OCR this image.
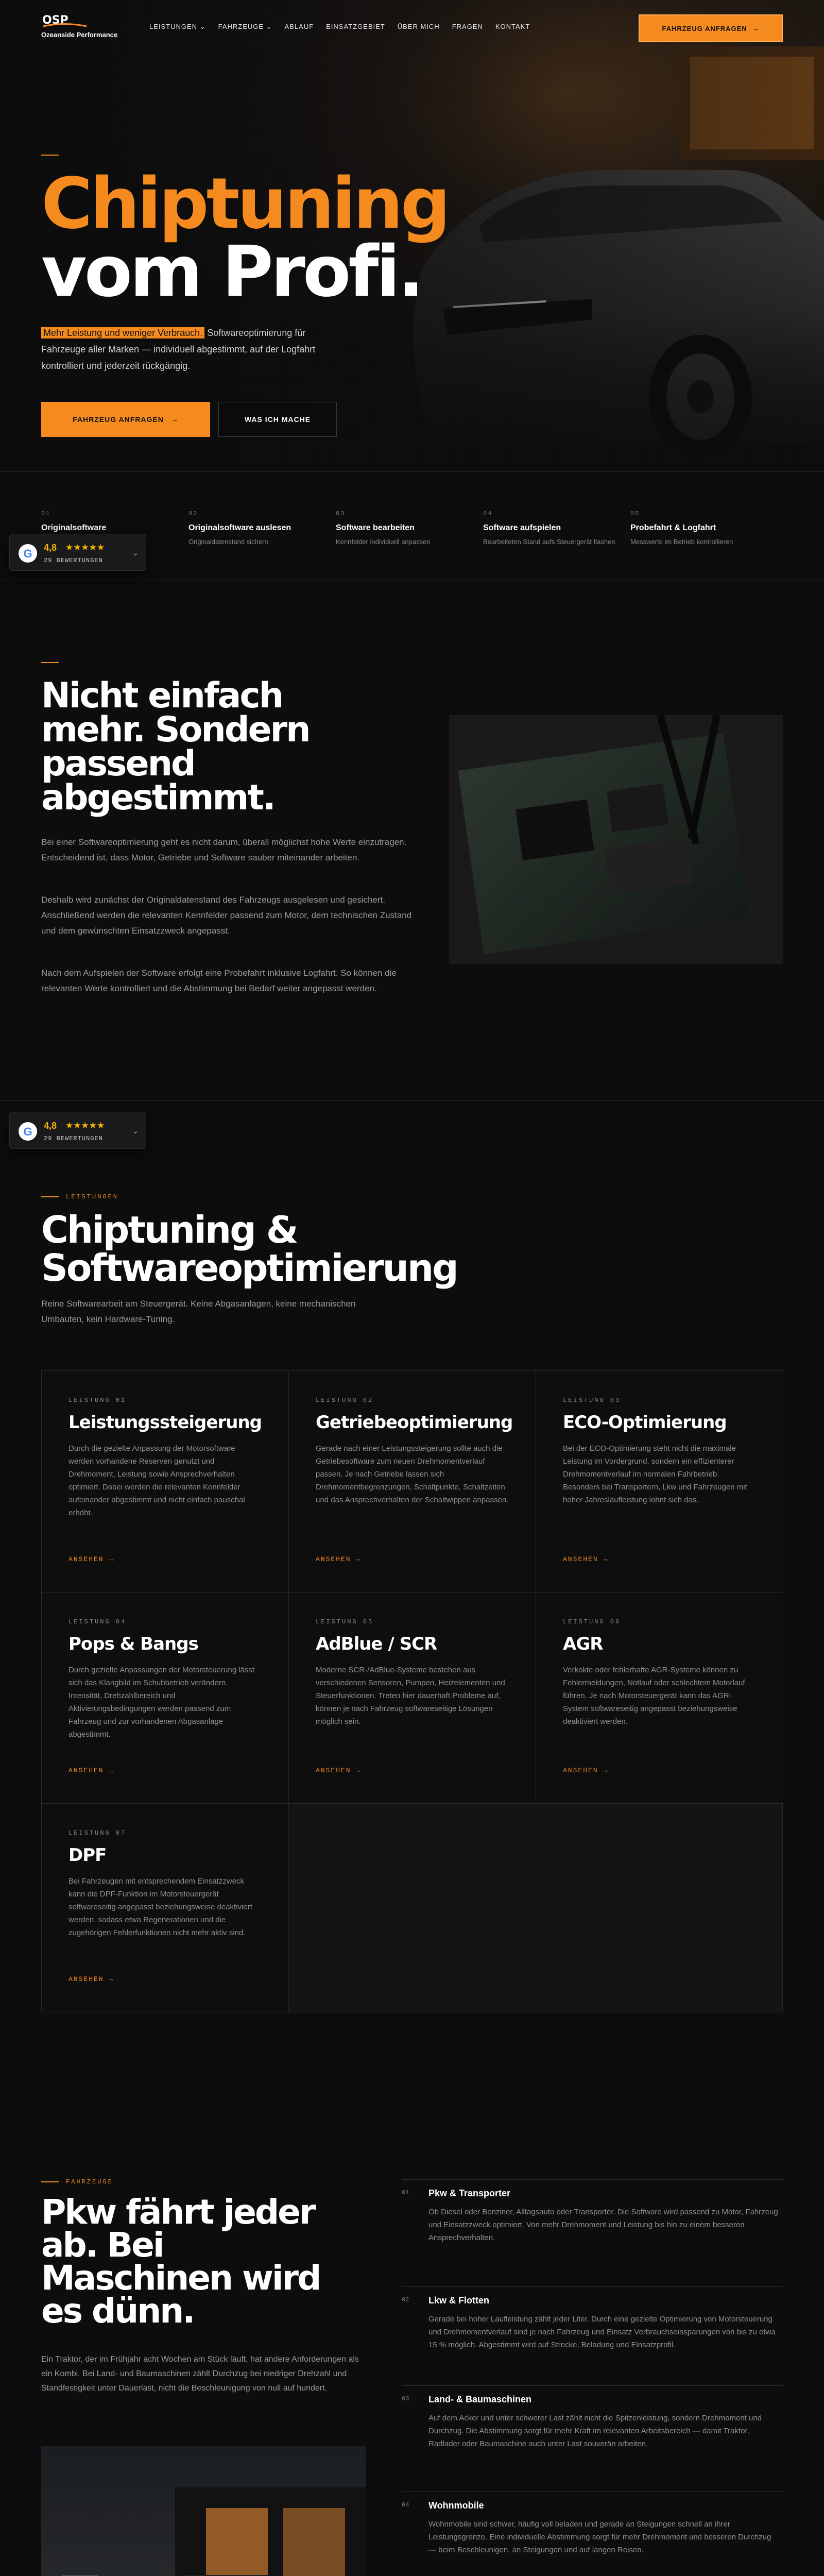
OSP
Ozeanside Performance
LEISTUNGEN ⌄ FAHRZEUGE ⌄ ABLAUF EINSATZGEBIET ÜBER MICH FRAGEN KONTAKT	FAHRZEUG ANFRAGEN →
Chiptuning
vom Profi.
Mehr Leistung und weniger Verbrauch. Softwareoptimierung für Fahrzeuge aller Marken — individuell abgestimmt, auf der Logfahrt kontrolliert und jederzeit rückgängig.
FAHRZEUG ANFRAGEN →	WAS ICH MACHE
01
Originalsoftware
02
Originalsoftware auslesen
Originaldatenstand sichern
03
Software bearbeiten
Kennfelder individuell anpassen
04
Software aufspielen
Bearbeiteten Stand aufs Steuergerät flashen
05
Probefahrt & Logfahrt
Messwerte im Betrieb kontrollieren
G 4,8 ★★★★★
29 BEWERTUNGEN
⌄
Nicht einfach mehr. Sondern passend abgestimmt.
Bei einer Softwareoptimierung geht es nicht darum, überall möglichst hohe Werte einzutragen. Entscheidend ist, dass Motor, Getriebe und Software sauber miteinander arbeiten.
Deshalb wird zunächst der Originaldatenstand des Fahrzeugs ausgelesen und gesichert. Anschließend werden die relevanten Kennfelder passend zum Motor, dem technischen Zustand und dem gewünschten Einsatzzweck angepasst.
Nach dem Aufspielen der Software erfolgt eine Probefahrt inklusive Logfahrt. So können die relevanten Werte kontrolliert und die Abstimmung bei Bedarf weiter angepasst werden.
G 4,8 ★★★★★
29 BEWERTUNGEN
⌄
LEISTUNGEN
Chiptuning &
Softwareoptimierung
Reine Softwarearbeit am Steuergerät. Keine Abgasanlagen, keine mechanischen Umbauten, kein Hardware-Tuning.
LEISTUNG 01
Leistungssteigerung
Durch die gezielte Anpassung der Motorsoftware werden vorhandene Reserven genutzt und Drehmoment, Leistung sowie Ansprechverhalten optimiert. Dabei werden die relevanten Kennfelder aufeinander abgestimmt und nicht einfach pauschal erhöht.
ANSEHEN →
LEISTUNG 02
Getriebeoptimierung
Gerade nach einer Leistungssteigerung sollte auch die Getriebesoftware zum neuen Drehmomentverlauf passen. Je nach Getriebe lassen sich Drehmomentbegrenzungen, Schaltpunkte, Schaltzeiten und das Ansprechverhalten der Schaltwippen anpassen.
ANSEHEN →
LEISTUNG 03
ECO-Optimierung
Bei der ECO-Optimierung steht nicht die maximale Leistung im Vordergrund, sondern ein effizienterer Drehmomentverlauf im normalen Fahrbetrieb. Besonders bei Transportern, Lkw und Fahrzeugen mit hoher Jahreslaufleistung lohnt sich das.
ANSEHEN →
LEISTUNG 04
Pops & Bangs
Durch gezielte Anpassungen der Motorsteuerung lässt sich das Klangbild im Schubbetrieb verändern. Intensität, Drehzahlbereich und Aktivierungsbedingungen werden passend zum Fahrzeug und zur vorhandenen Abgasanlage abgestimmt.
ANSEHEN →
LEISTUNG 05
AdBlue / SCR
Moderne SCR-/AdBlue-Systeme bestehen aus verschiedenen Sensoren, Pumpen, Heizelementen und Steuerfunktionen. Treten hier dauerhaft Probleme auf, können je nach Fahrzeug softwareseitige Lösungen möglich sein.
ANSEHEN →
LEISTUNG 06
AGR
Verkokte oder fehlerhafte AGR-Systeme können zu Fehlermeldungen, Notlauf oder schlechtem Motorlauf führen. Je nach Motorsteuergerät kann das AGR-System softwareseitig angepasst beziehungsweise deaktiviert werden.
ANSEHEN →
LEISTUNG 07
DPF
Bei Fahrzeugen mit entsprechendem Einsatzzweck kann die DPF-Funktion im Motorsteuergerät softwareseitig angepasst beziehungsweise deaktiviert werden, sodass etwa Regenerationen und die zugehörigen Fehlerfunktionen nicht mehr aktiv sind.
ANSEHEN →
FAHRZEUGE
Pkw fährt jeder ab. Bei Maschinen wird es dünn.
Ein Traktor, der im Frühjahr acht Wochen am Stück läuft, hat andere Anforderungen als ein Kombi. Bei Land- und Baumaschinen zählt Durchzug bei niedriger Drehzahl und Standfestigkeit unter Dauerlast, nicht die Beschleunigung von null auf hundert.
01 Pkw & Transporter
Ob Diesel oder Benziner, Alltagsauto oder Transporter. Die Software wird passend zu Motor, Fahrzeug und Einsatzzweck optimiert. Von mehr Drehmoment und Leistung bis hin zu einem besseren Ansprechverhalten.
02 Lkw & Flotten
Gerade bei hoher Laufleistung zählt jeder Liter. Durch eine gezielte Optimierung von Motorsteuerung und Drehmomentverlauf sind je nach Fahrzeug und Einsatz Verbrauchseinsparungen von bis zu etwa 15 % möglich. Abgestimmt wird auf Strecke, Beladung und Einsatzprofil.
03 Land- & Baumaschinen
Auf dem Acker und unter schwerer Last zählt nicht die Spitzenleistung, sondern Drehmoment und Durchzug. Die Abstimmung sorgt für mehr Kraft im relevanten Arbeitsbereich — damit Traktor, Radlader oder Baumaschine auch unter Last souverän arbeiten.
04 Wohnmobile
Wohnmobile sind schwer, häufig voll beladen und gerade an Steigungen schnell an ihrer Leistungsgrenze. Eine individuelle Abstimmung sorgt für mehr Drehmoment und besseren Durchzug — beim Beschleunigen, an Steigungen und auf langen Reisen.
